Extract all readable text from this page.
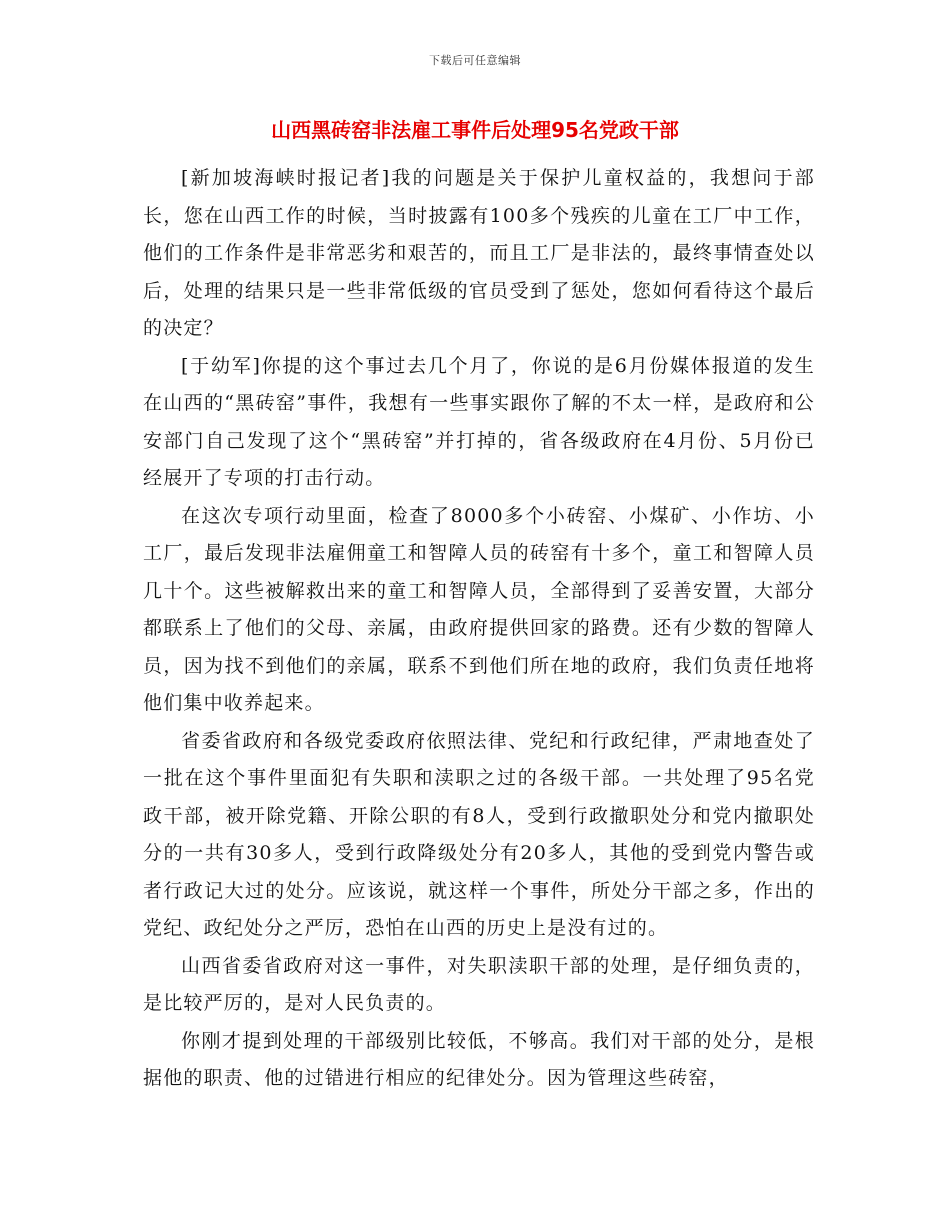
下载后可任意编辑
山西黑砖窑非法雇工事件后处理95名党政干部

[新加坡海峡时报记者]我的问题是关于保护儿童权益的，我想问于部长，您在山西工作的时候，当时披露有100多个残疾的儿童在工厂中工作，他们的工作条件是非常恶劣和艰苦的，而且工厂是非法的，最终事情查处以后，处理的结果只是一些非常低级的官员受到了惩处，您如何看待这个最后的决定？

[于幼军]你提的这个事过去几个月了，你说的是6月份媒体报道的发生在山西的“黑砖窑”事件，我想有一些事实跟你了解的不太一样，是政府和公安部门自己发现了这个“黑砖窑”并打掉的，省各级政府在4月份、5月份已经展开了专项的打击行动。

在这次专项行动里面，检查了8000多个小砖窑、小煤矿、小作坊、小工厂，最后发现非法雇佣童工和智障人员的砖窑有十多个，童工和智障人员几十个。这些被解救出来的童工和智障人员，全部得到了妥善安置，大部分都联系上了他们的父母、亲属，由政府提供回家的路费。还有少数的智障人员，因为找不到他们的亲属，联系不到他们所在地的政府，我们负责任地将他们集中收养起来。

省委省政府和各级党委政府依照法律、党纪和行政纪律，严肃地查处了一批在这个事件里面犯有失职和渎职之过的各级干部。一共处理了95名党政干部，被开除党籍、开除公职的有8人，受到行政撤职处分和党内撤职处分的一共有30多人，受到行政降级处分有20多人，其他的受到党内警告或者行政记大过的处分。应该说，就这样一个事件，所处分干部之多，作出的党纪、政纪处分之严厉，恐怕在山西的历史上是没有过的。

山西省委省政府对这一事件，对失职渎职干部的处理，是仔细负责的，是比较严厉的，是对人民负责的。

你刚才提到处理的干部级别比较低，不够高。我们对干部的处分，是根据他的职责、他的过错进行相应的纪律处分。因为管理这些砖窑，
